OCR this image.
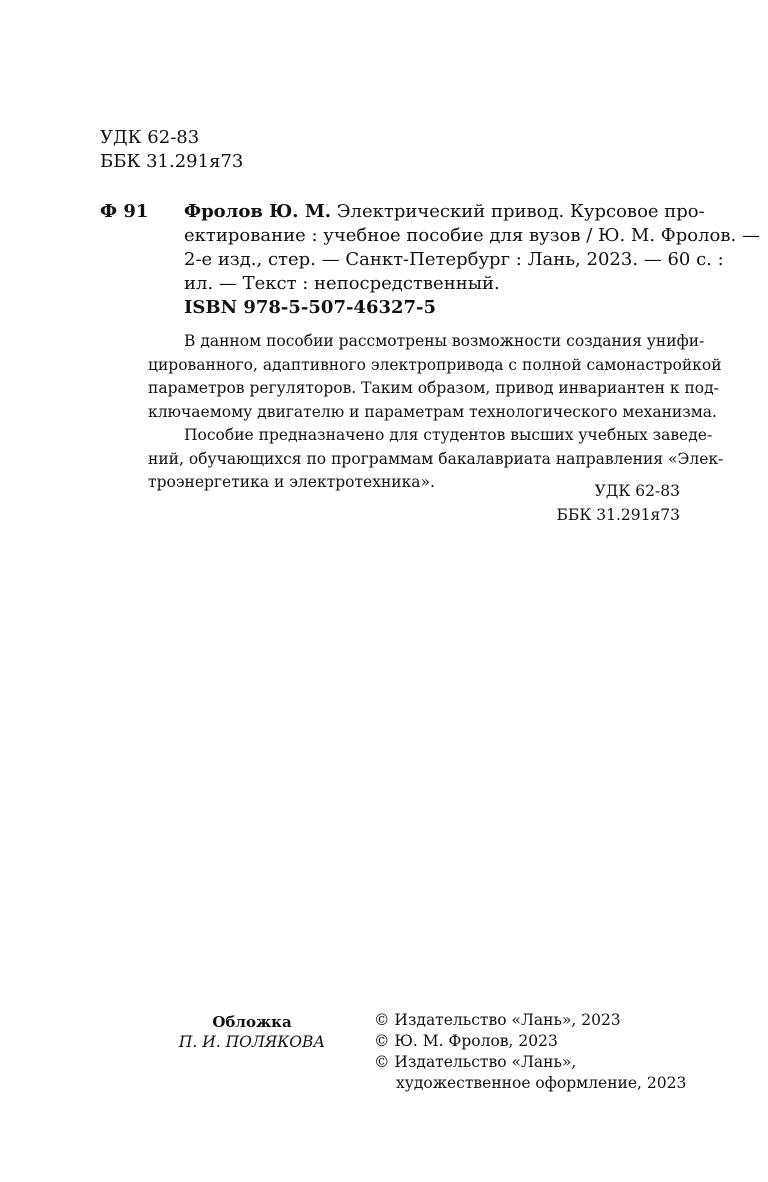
УДК 62-83
ББК 31.291я73
Ф 91 Фролов Ю. М. Электрический привод. Курсовое про-
ектирование : учебное пособие для вузов / Ю. М. Фролов. —
2-е изд., стер. — Санкт-Петербург : Лань, 2023. — 60 с. :
ил. — Текст : непосредственный.
ISBN 978-5-507-46327-5
В данном пособии рассмотрены возможности создания унифи-
цированного, адаптивного электропривода с полной самонастройкой
параметров регуляторов. Таким образом, привод инвариантен к под-
ключаемому двигателю и параметрам технологического механизма.
Пособие предназначено для студентов высших учебных заведе-
ний, обучающихся по программам бакалавриата направления «Элек-
троэнергетика и электротехника».	УДК 62-83
ББК 31.291я73
Обложка
П. И. ПОЛЯКОВА
© Издательство «Лань», 2023
© Ю. М. Фролов, 2023
© Издательство «Лань»,
художественное оформление, 2023
